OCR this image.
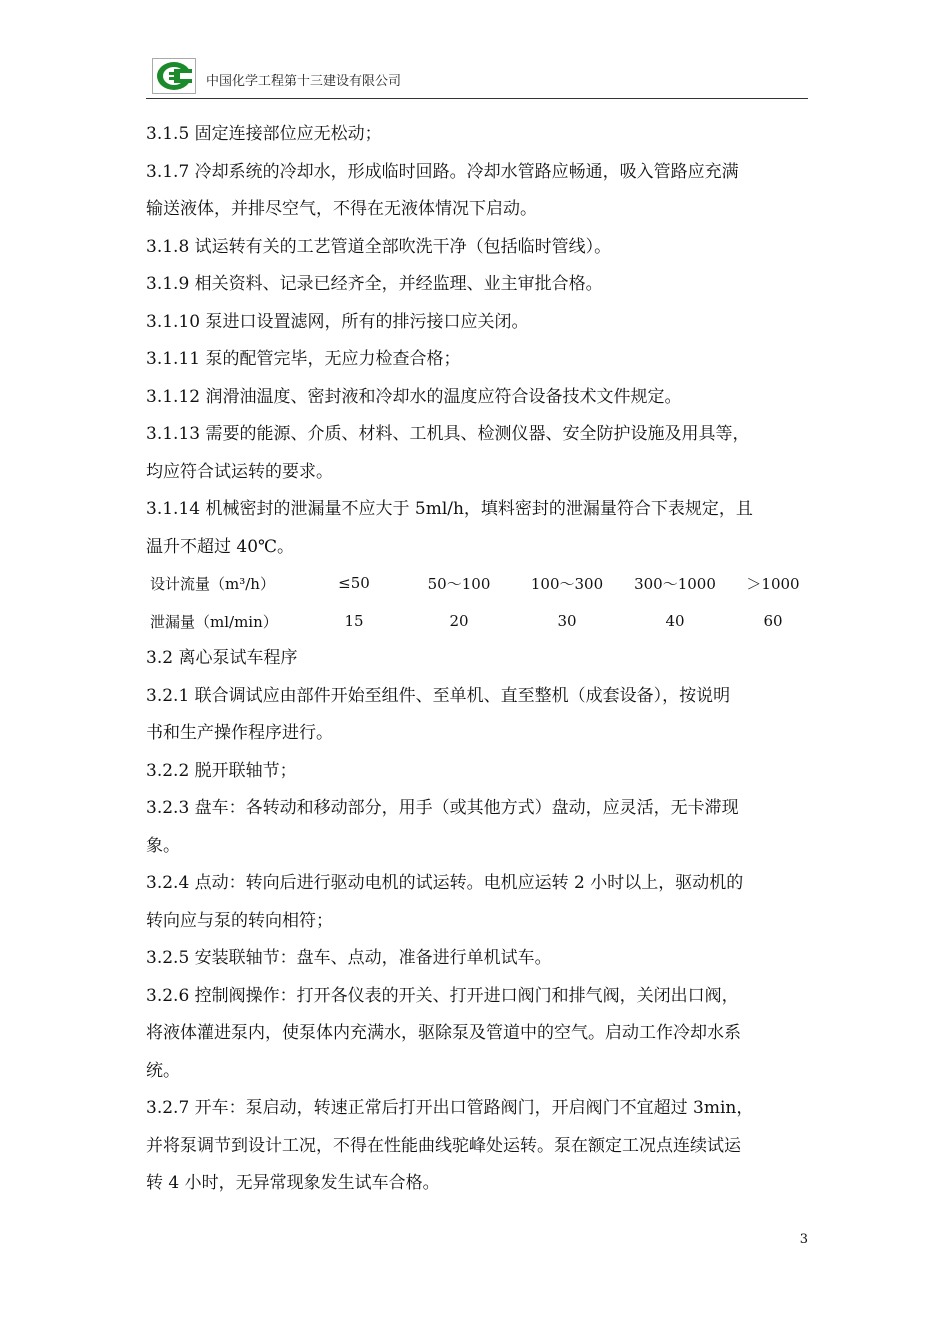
中国化学工程第十三建设有限公司
3.1.5 固定连接部位应无松动；
3.1.7 冷却系统的冷却水，形成临时回路。冷却水管路应畅通，吸入管路应充满
输送液体，并排尽空气，不得在无液体情况下启动。
3.1.8 试运转有关的工艺管道全部吹洗干净（包括临时管线）。
3.1.9 相关资料、记录已经齐全，并经监理、业主审批合格。
3.1.10 泵进口设置滤网，所有的排污接口应关闭。
3.1.11 泵的配管完毕，无应力检查合格；
3.1.12 润滑油温度、密封液和冷却水的温度应符合设备技术文件规定。
3.1.13 需要的能源、介质、材料、工机具、检测仪器、安全防护设施及用具等，
均应符合试运转的要求。
3.1.14 机械密封的泄漏量不应大于 5ml/h，填料密封的泄漏量符合下表规定，且
温升不超过 40℃。
设计流量（m³/h）	≤50	50～100	100～300	300～1000	＞1000
泄漏量（ml/min）	15	20	30	40	60
3.2 离心泵试车程序
3.2.1 联合调试应由部件开始至组件、至单机、直至整机（成套设备），按说明
书和生产操作程序进行。
3.2.2 脱开联轴节；
3.2.3 盘车：各转动和移动部分，用手（或其他方式）盘动，应灵活，无卡滞现
象。
3.2.4 点动：转向后进行驱动电机的试运转。电机应运转 2 小时以上，驱动机的
转向应与泵的转向相符；
3.2.5 安装联轴节：盘车、点动，准备进行单机试车。
3.2.6 控制阀操作：打开各仪表的开关、打开进口阀门和排气阀，关闭出口阀，
将液体灌进泵内，使泵体内充满水，驱除泵及管道中的空气。启动工作冷却水系
统。
3.2.7 开车：泵启动，转速正常后打开出口管路阀门，开启阀门不宜超过 3min，
并将泵调节到设计工况，不得在性能曲线驼峰处运转。泵在额定工况点连续试运
转 4 小时，无异常现象发生试车合格。
3
